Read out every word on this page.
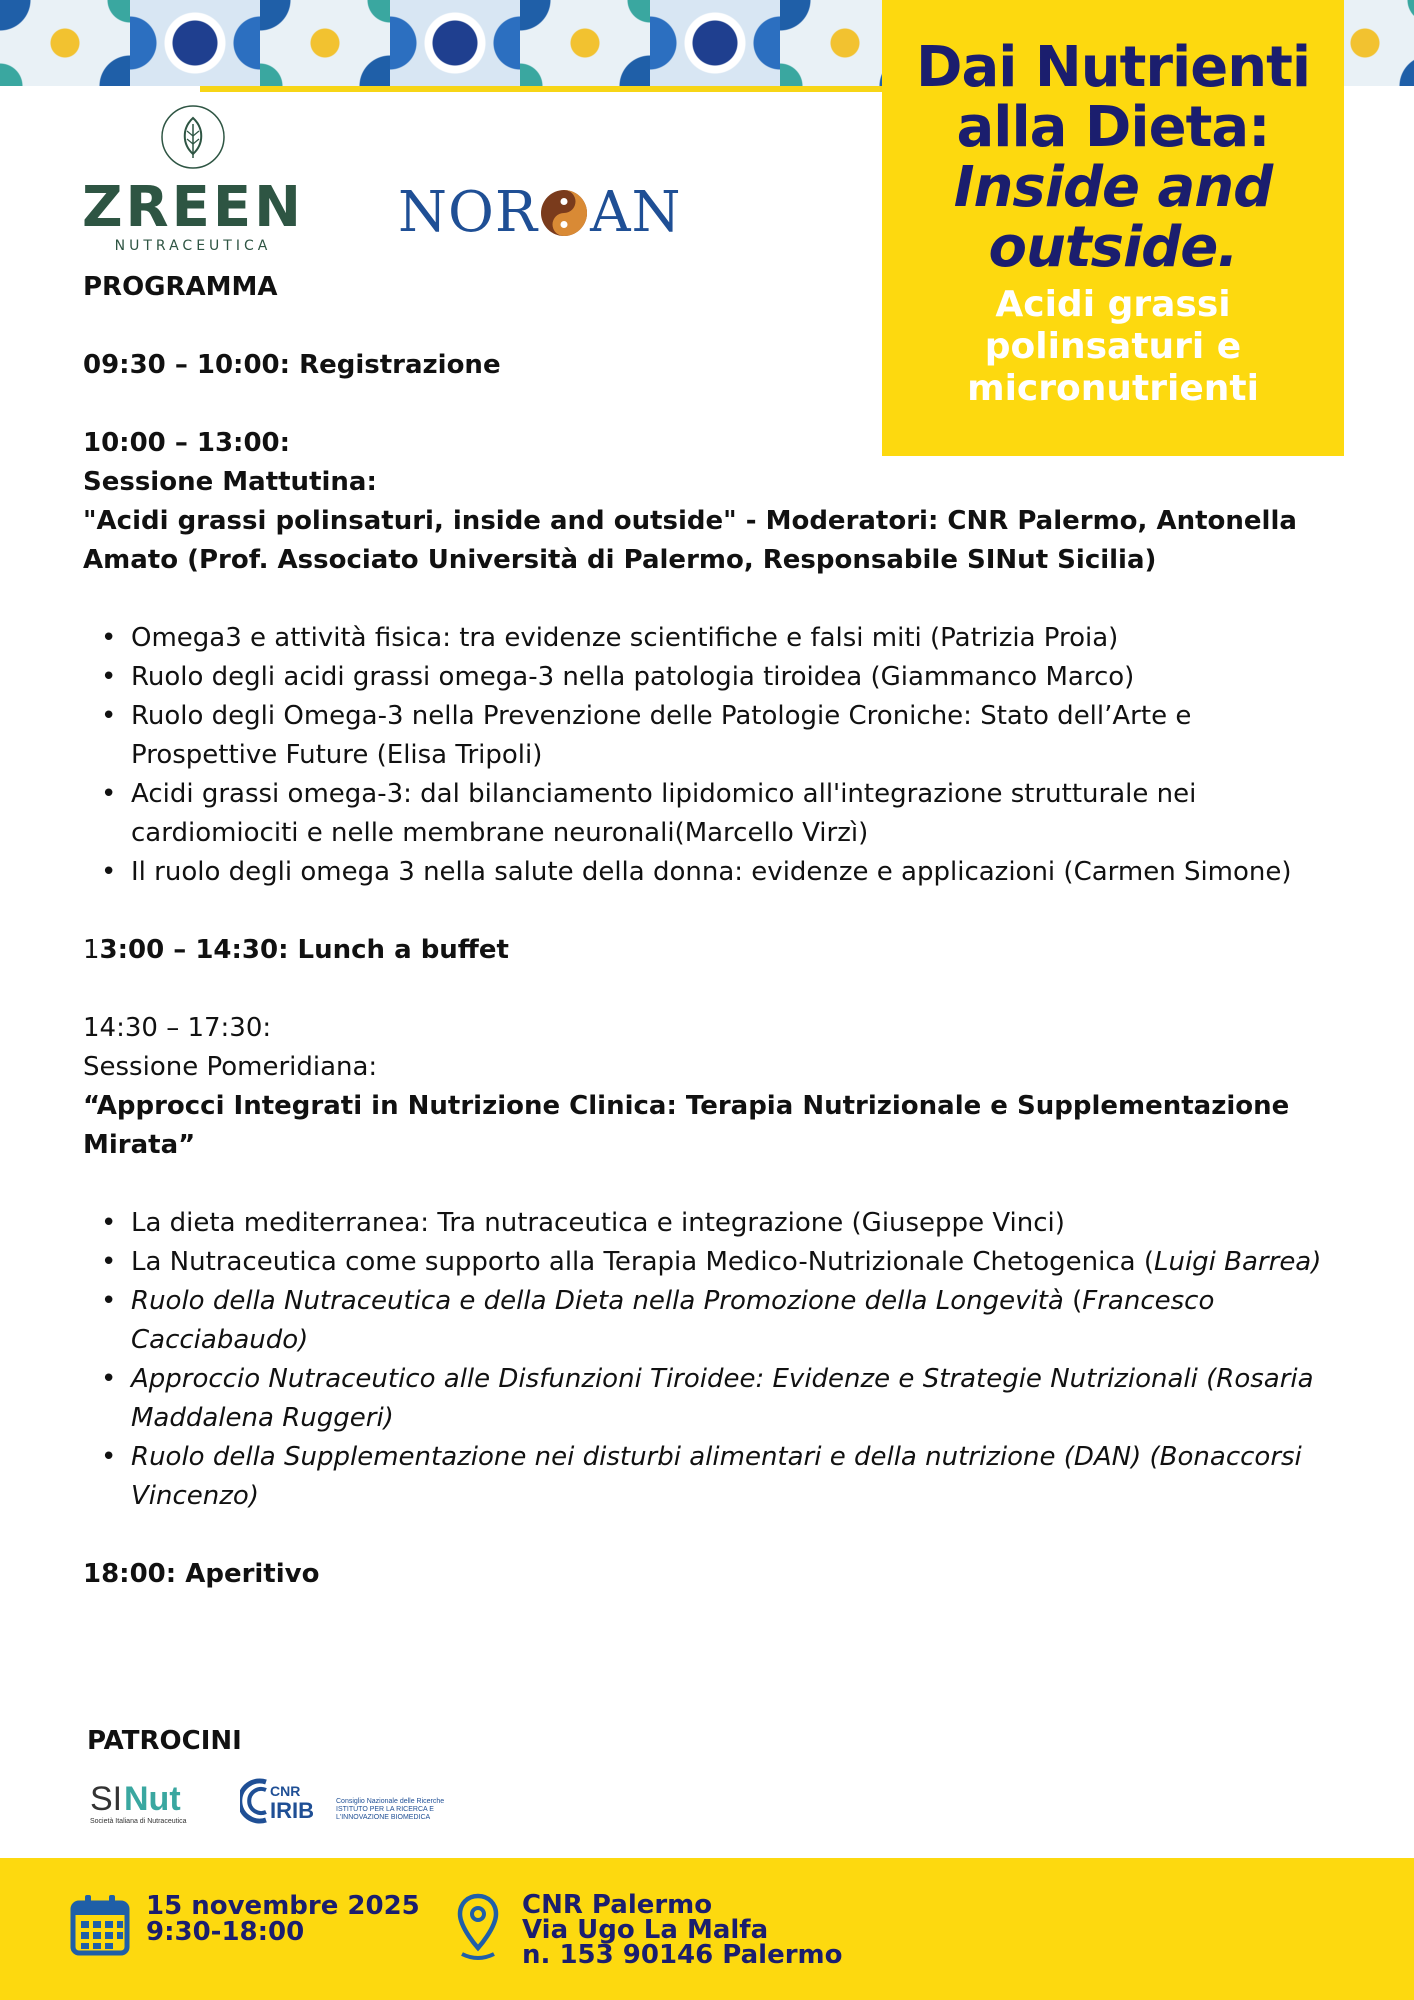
Dai Nutrienti
alla Dieta:
Inside and
outside.
Acidi grassi
polinsaturi e
micronutrienti
ZREEN
NUTRACEUTICA
NOR AN
PROGRAMMA
09:30 – 10:00: Registrazione
10:00 – 13:00:
Sessione Mattutina:
"Acidi grassi polinsaturi, inside and outside" - Moderatori: CNR Palermo, Antonella Amato (Prof. Associato Università di Palermo, Responsabile SINut Sicilia)
• Omega3 e attività fisica: tra evidenze scientifiche e falsi miti (Patrizia Proia)
• Ruolo degli acidi grassi omega-3 nella patologia tiroidea (Giammanco Marco)
• Ruolo degli Omega-3 nella Prevenzione delle Patologie Croniche: Stato dell’Arte e Prospettive Future (Elisa Tripoli)
• Acidi grassi omega-3: dal bilanciamento lipidomico all'integrazione strutturale nei cardiomiociti e nelle membrane neuronali(Marcello Virzì)
• Il ruolo degli omega 3 nella salute della donna: evidenze e applicazioni (Carmen Simone)
13:00 – 14:30: Lunch a buffet
14:30 – 17:30:
Sessione Pomeridiana:
“Approcci Integrati in Nutrizione Clinica: Terapia Nutrizionale e Supplementazione Mirata”
• La dieta mediterranea: Tra nutraceutica e integrazione (Giuseppe Vinci)
• La Nutraceutica come supporto alla Terapia Medico-Nutrizionale Chetogenica (Luigi Barrea)
• Ruolo della Nutraceutica e della Dieta nella Promozione della Longevità (Francesco Cacciabaudo)
• Approccio Nutraceutico alle Disfunzioni Tiroidee: Evidenze e Strategie Nutrizionali (Rosaria Maddalena Ruggeri)
• Ruolo della Supplementazione nei disturbi alimentari e della nutrizione (DAN) (Bonaccorsi Vincenzo)
18:00: Aperitivo
PATROCINI
SI Nut
Società Italiana di Nutraceutica
CNR
IRIB	Consiglio Nazionale delle Ricerche
ISTITUTO PER LA RICERCA E
L'INNOVAZIONE BIOMEDICA
15 novembre 2025
9:30-18:00
CNR Palermo
Via Ugo La Malfa
n. 153 90146 Palermo
